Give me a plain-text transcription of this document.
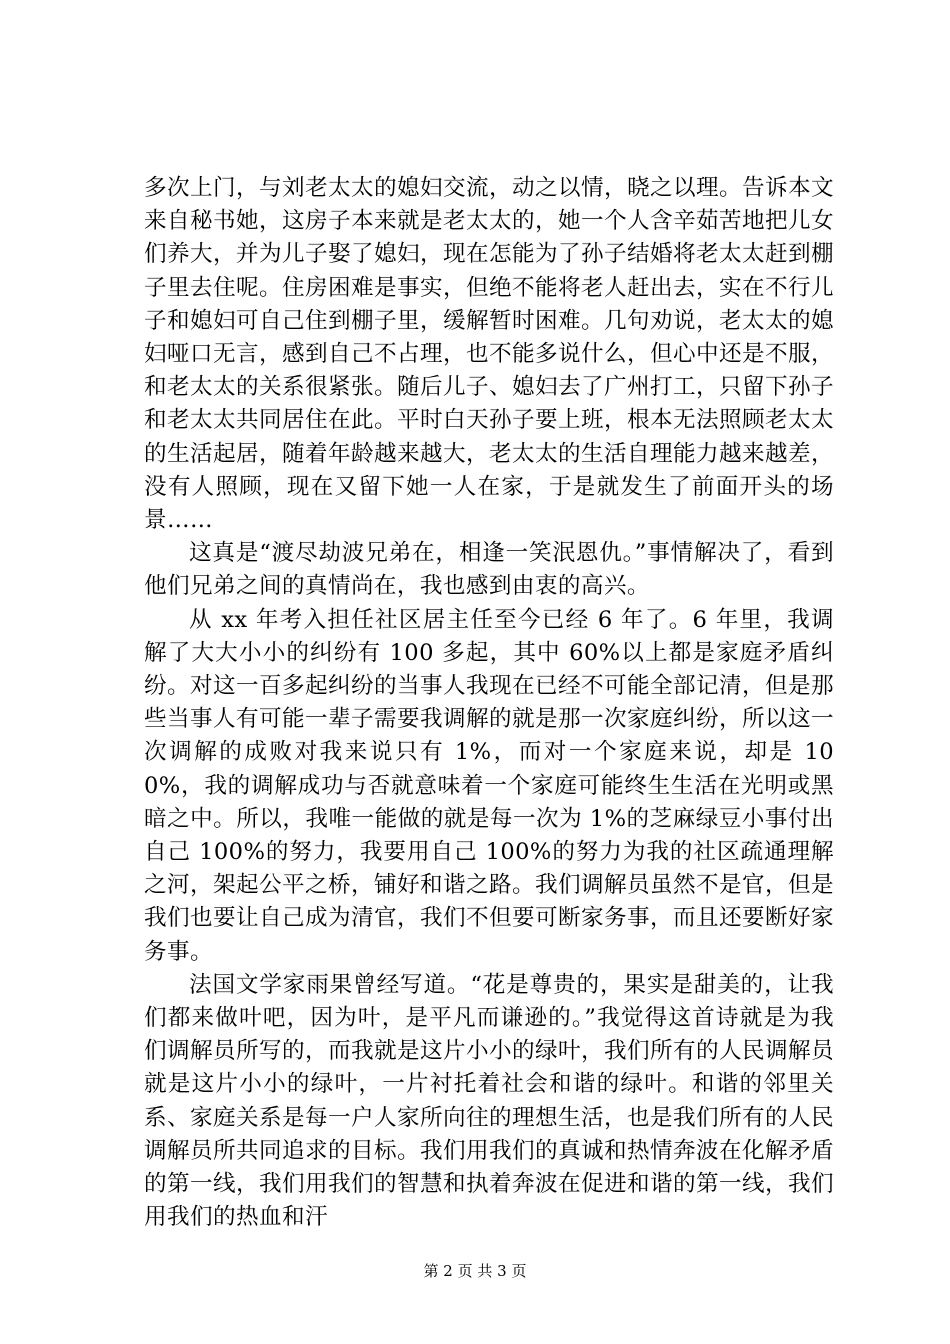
多次上门，与刘老太太的媳妇交流，动之以情，晓之以理。告诉本文来自秘书她，这房子本来就是老太太的，她一个人含辛茹苦地把儿女们养大，并为儿子娶了媳妇，现在怎能为了孙子结婚将老太太赶到棚子里去住呢。住房困难是事实，但绝不能将老人赶出去，实在不行儿子和媳妇可自己住到棚子里，缓解暂时困难。几句劝说，老太太的媳妇哑口无言，感到自己不占理，也不能多说什么，但心中还是不服，和老太太的关系很紧张。随后儿子、媳妇去了广州打工，只留下孙子和老太太共同居住在此。平时白天孙子要上班，根本无法照顾老太太的生活起居，随着年龄越来越大，老太太的生活自理能力越来越差，没有人照顾，现在又留下她一人在家，于是就发生了前面开头的场景……

这真是“渡尽劫波兄弟在，相逢一笑泯恩仇。”事情解决了，看到他们兄弟之间的真情尚在，我也感到由衷的高兴。

从 xx 年考入担任社区居主任至今已经 6 年了。6 年里，我调解了大大小小的纠纷有 100 多起，其中 60%以上都是家庭矛盾纠纷。对这一百多起纠纷的当事人我现在已经不可能全部记清，但是那些当事人有可能一辈子需要我调解的就是那一次家庭纠纷，所以这一次调解的成败对我来说只有 1%，而对一个家庭来说，却是 100%，我的调解成功与否就意味着一个家庭可能终生生活在光明或黑暗之中。所以，我唯一能做的就是每一次为 1%的芝麻绿豆小事付出自己 100%的努力，我要用自己 100%的努力为我的社区疏通理解之河，架起公平之桥，铺好和谐之路。我们调解员虽然不是官，但是我们也要让自己成为清官，我们不但要可断家务事，而且还要断好家务事。

法国文学家雨果曾经写道。“花是尊贵的，果实是甜美的，让我们都来做叶吧，因为叶，是平凡而谦逊的。”我觉得这首诗就是为我们调解员所写的，而我就是这片小小的绿叶，我们所有的人民调解员就是这片小小的绿叶，一片衬托着社会和谐的绿叶。和谐的邻里关系、家庭关系是每一户人家所向往的理想生活，也是我们所有的人民调解员所共同追求的目标。我们用我们的真诚和热情奔波在化解矛盾的第一线，我们用我们的智慧和执着奔波在促进和谐的第一线，我们用我们的热血和汗

第 2 页 共 3 页
